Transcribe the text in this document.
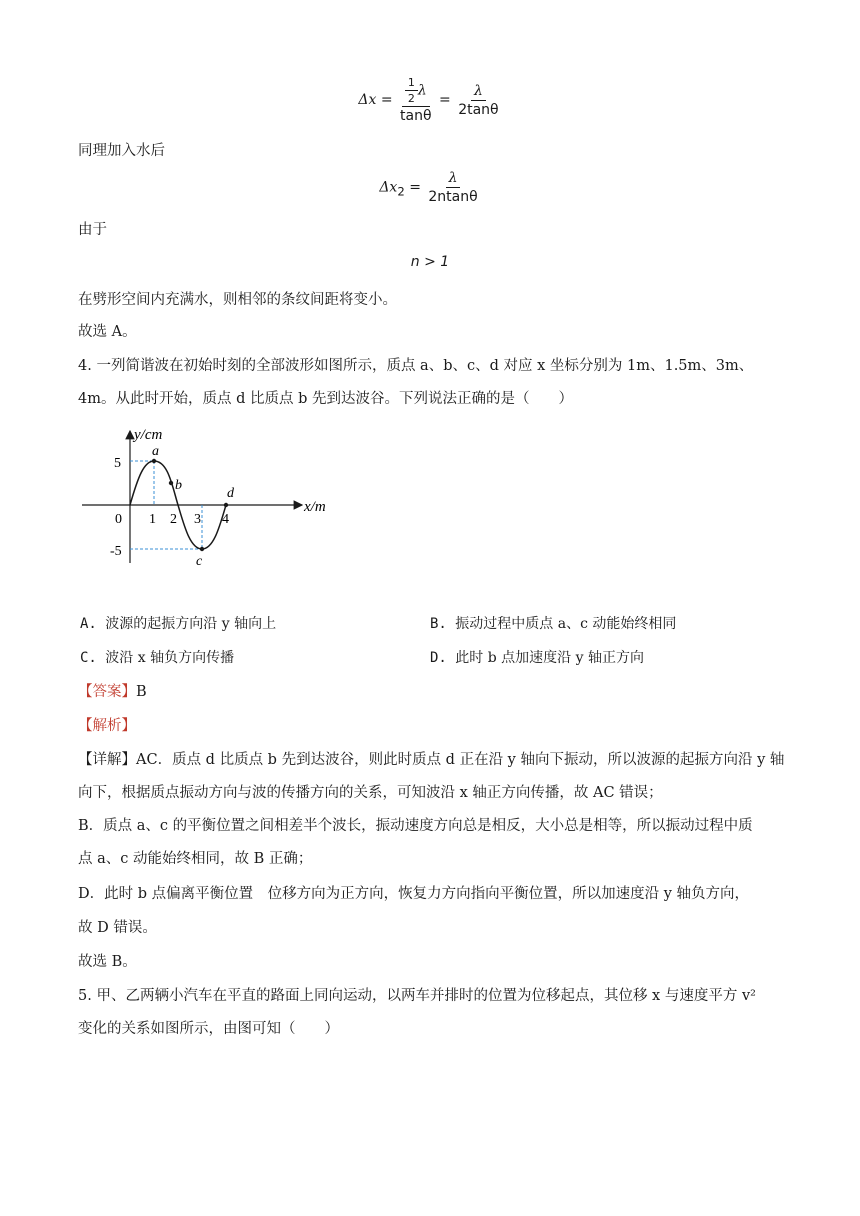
$\Delta x = \frac{\frac{1}{2} \lambda}{\tan\theta} = \frac{\lambda}{2\tan\theta}$
同理加入水后
$\Delta x_2 = \frac{\lambda}{2ntan\theta}$
由于
n > 1
在劈形空间内充满水，则相邻的条纹间距将变小。
故选 A。
4. 一列简谐波在初始时刻的全部波形如图所示，质点 a、b、c、d 对应 x 坐标分别为 1m、1.5m、3m、
4m。从此时开始，质点 d 比质点 b 先到达波谷。下列说法正确的是（　　）
y/cm
x/m
5
-5
0 1 2 3 4
a
b
c
d
A. 波源的起振方向沿 y 轴向上	B. 振动过程中质点 a、c 动能始终相同
C. 波沿 x 轴负方向传播	D. 此时 b 点加速度沿 y 轴正方向
【答案】B
【解析】
【详解】AC．质点 d 比质点 b 先到达波谷，则此时质点 d 正在沿 y 轴向下振动，所以波源的起振方向沿 y 轴
向下，根据质点振动方向与波的传播方向的关系，可知波沿 x 轴正方向传播，故 AC 错误；
B．质点 a、c 的平衡位置之间相差半个波长，振动速度方向总是相反，大小总是相等，所以振动过程中质
点 a、c 动能始终相同，故 B 正确；
D．此时 b 点偏离平衡位置　位移方向为正方向，恢复力方向指向平衡位置，所以加速度沿 y 轴负方向，
故 D 错误。
故选 B。
5. 甲、乙两辆小汽车在平直的路面上同向运动，以两车并排时的位置为位移起点，其位移 x 与速度平方 v²
变化的关系如图所示，由图可知（　　）
